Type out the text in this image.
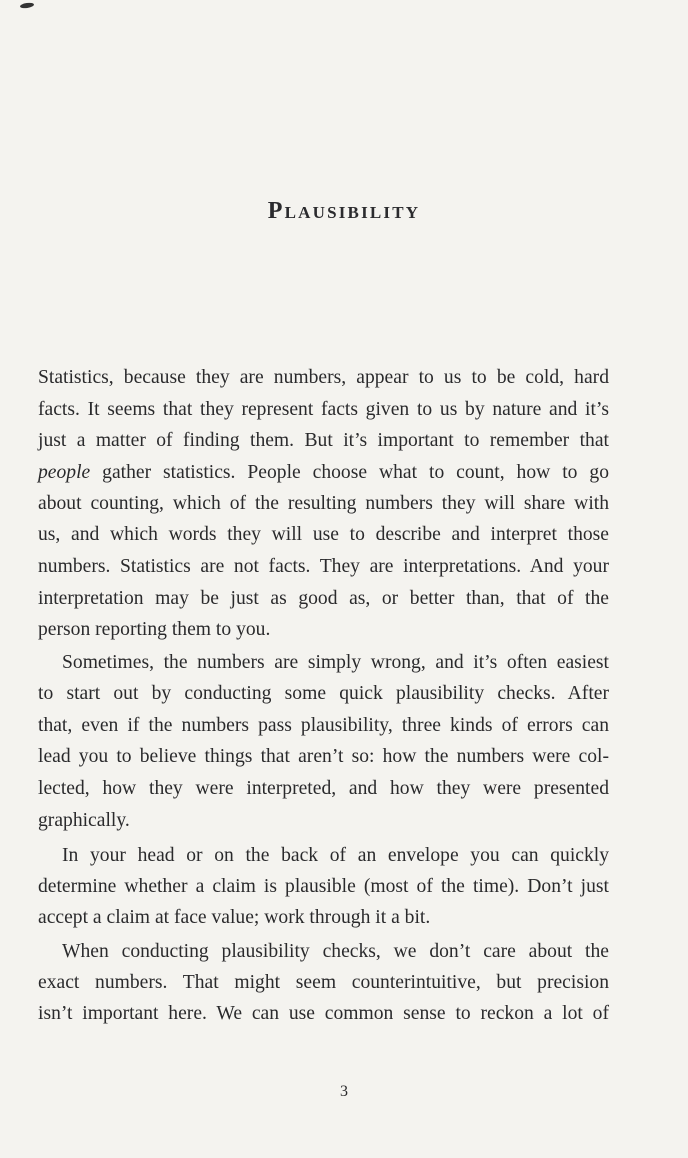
Plausibility
Statistics, because they are numbers, appear to us to be cold, hard
facts. It seems that they represent facts given to us by nature and it’s
just a matter of finding them. But it’s important to remember that
people gather statistics. People choose what to count, how to go
about counting, which of the resulting numbers they will share with
us, and which words they will use to describe and interpret those
numbers. Statistics are not facts. They are interpretations. And your
interpretation may be just as good as, or better than, that of the
person reporting them to you.
Sometimes, the numbers are simply wrong, and it’s often easiest
to start out by conducting some quick plausibility checks. After
that, even if the numbers pass plausibility, three kinds of errors can
lead you to believe things that aren’t so: how the numbers were col-
lected, how they were interpreted, and how they were presented
graphically.
In your head or on the back of an envelope you can quickly
determine whether a claim is plausible (most of the time). Don’t just
accept a claim at face value; work through it a bit.
When conducting plausibility checks, we don’t care about the
exact numbers. That might seem counterintuitive, but precision
isn’t important here. We can use common sense to reckon a lot of
3
